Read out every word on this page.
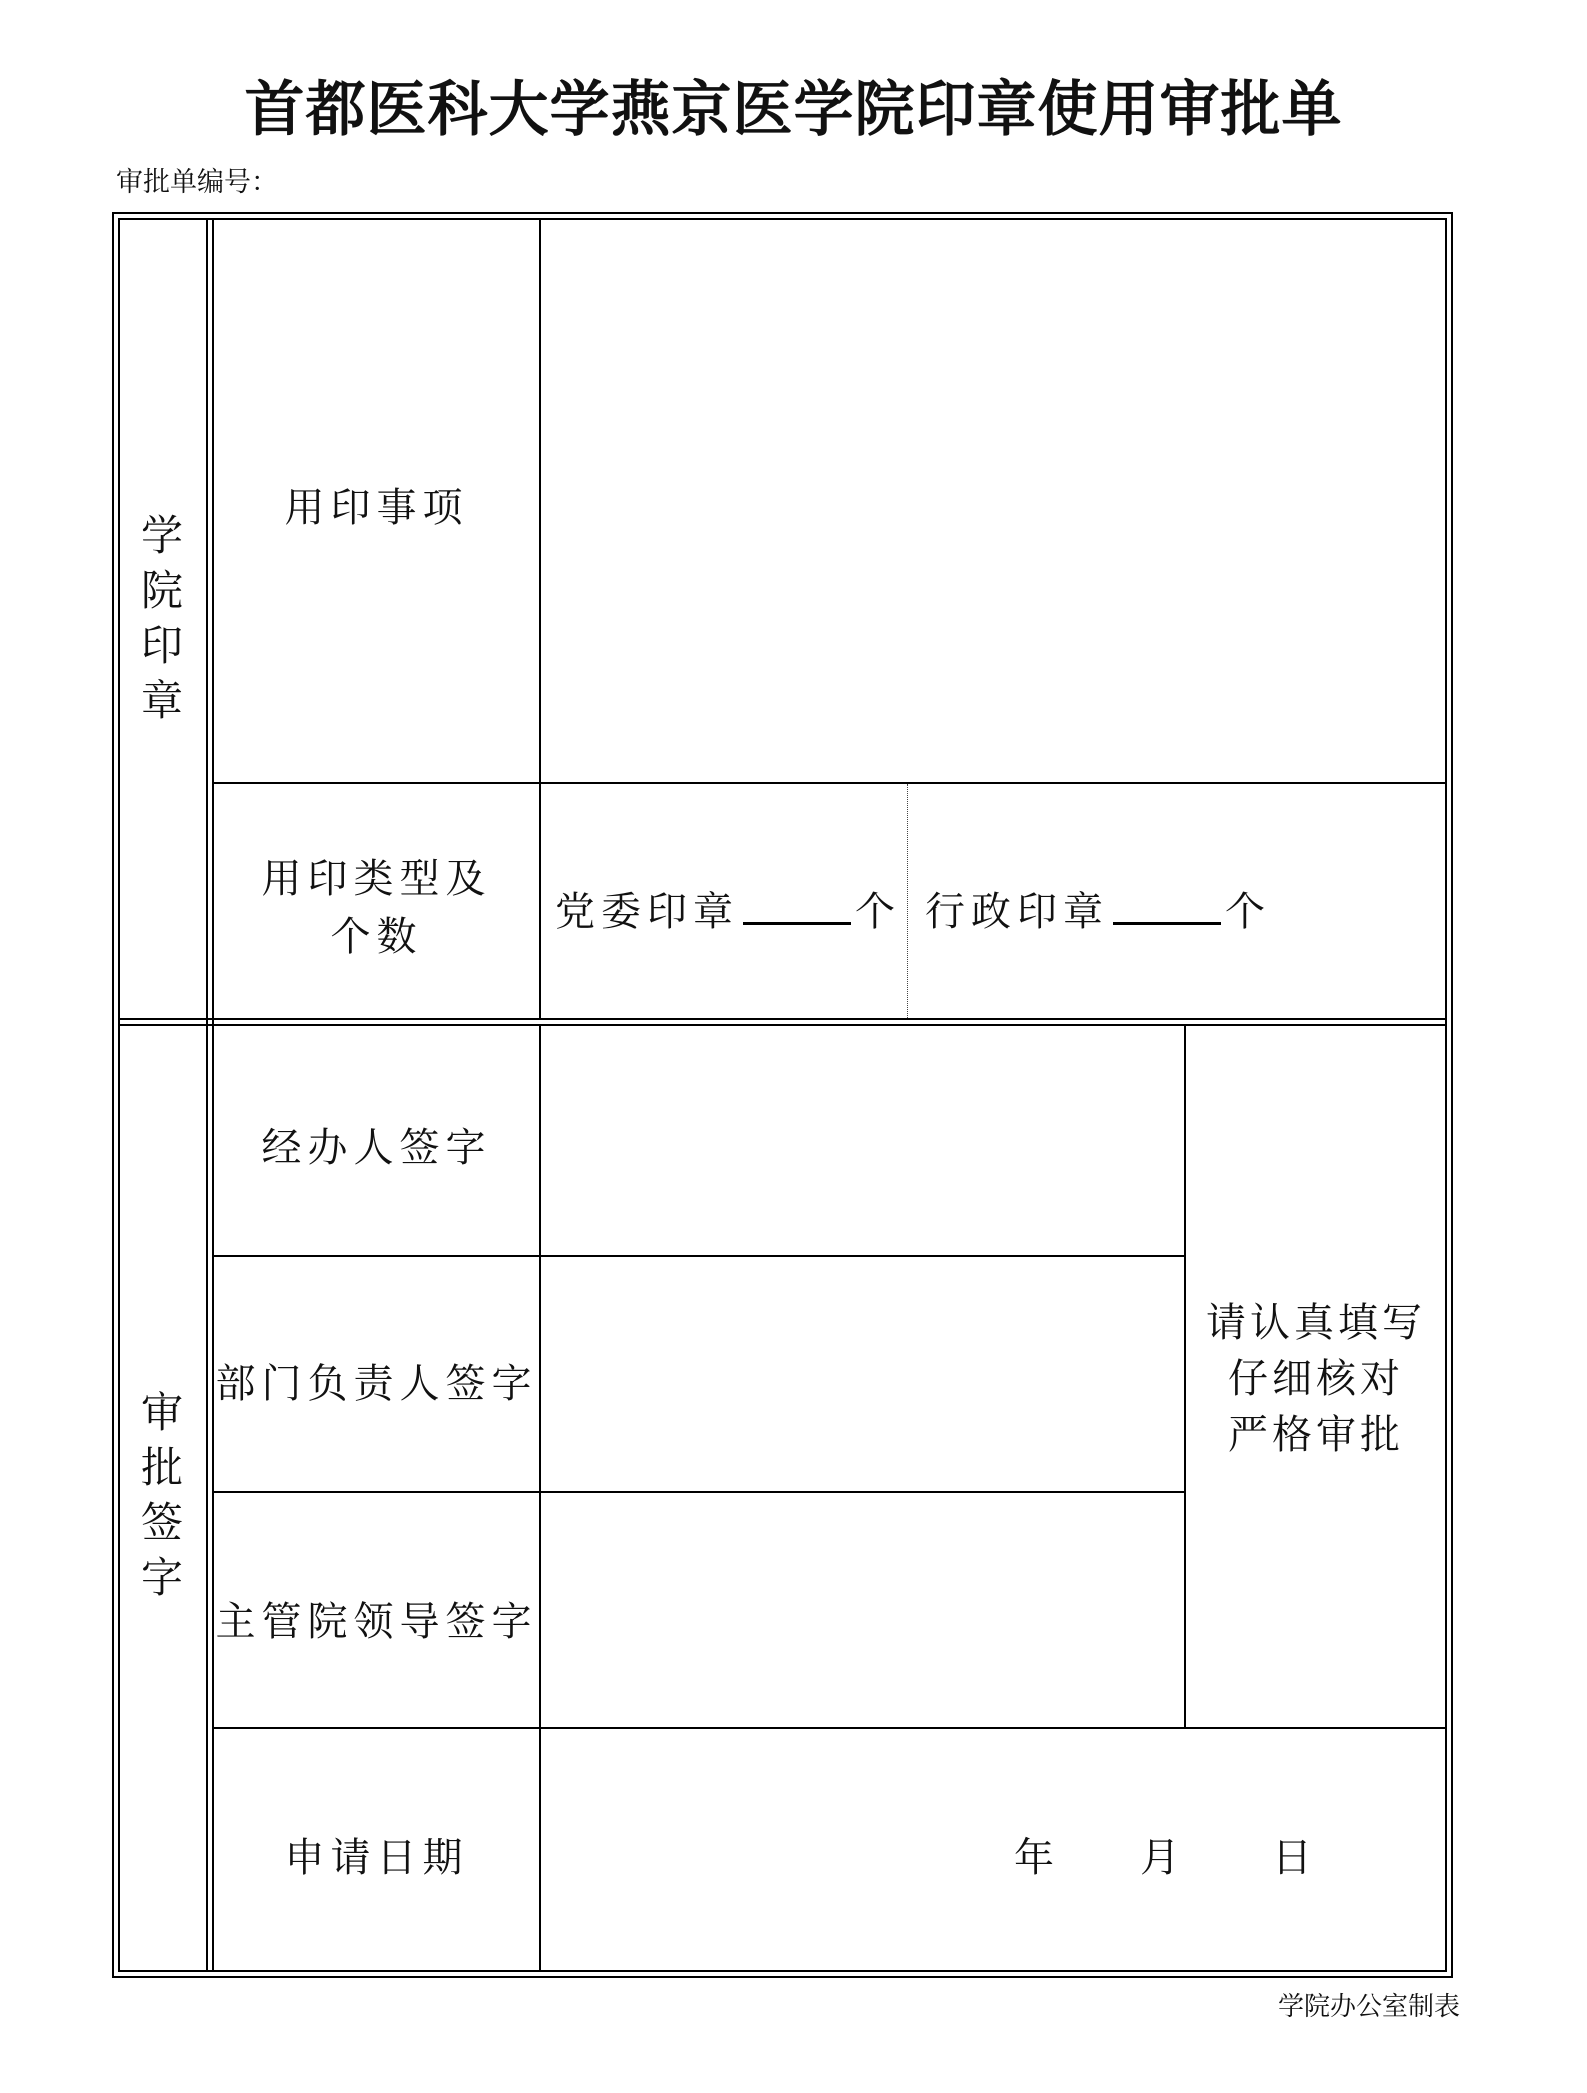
首都医科大学燕京医学院印章使用审批单
审批单编号：
学
院
印
章
用印事项
用印类型及
个数
党委印章	个 行政印章	个
审
批
签
字
经办人签字
部门负责人签字
主管院领导签字
申请日期
请认真填写
仔细核对
严格审批
年 月 日
学院办公室制表
